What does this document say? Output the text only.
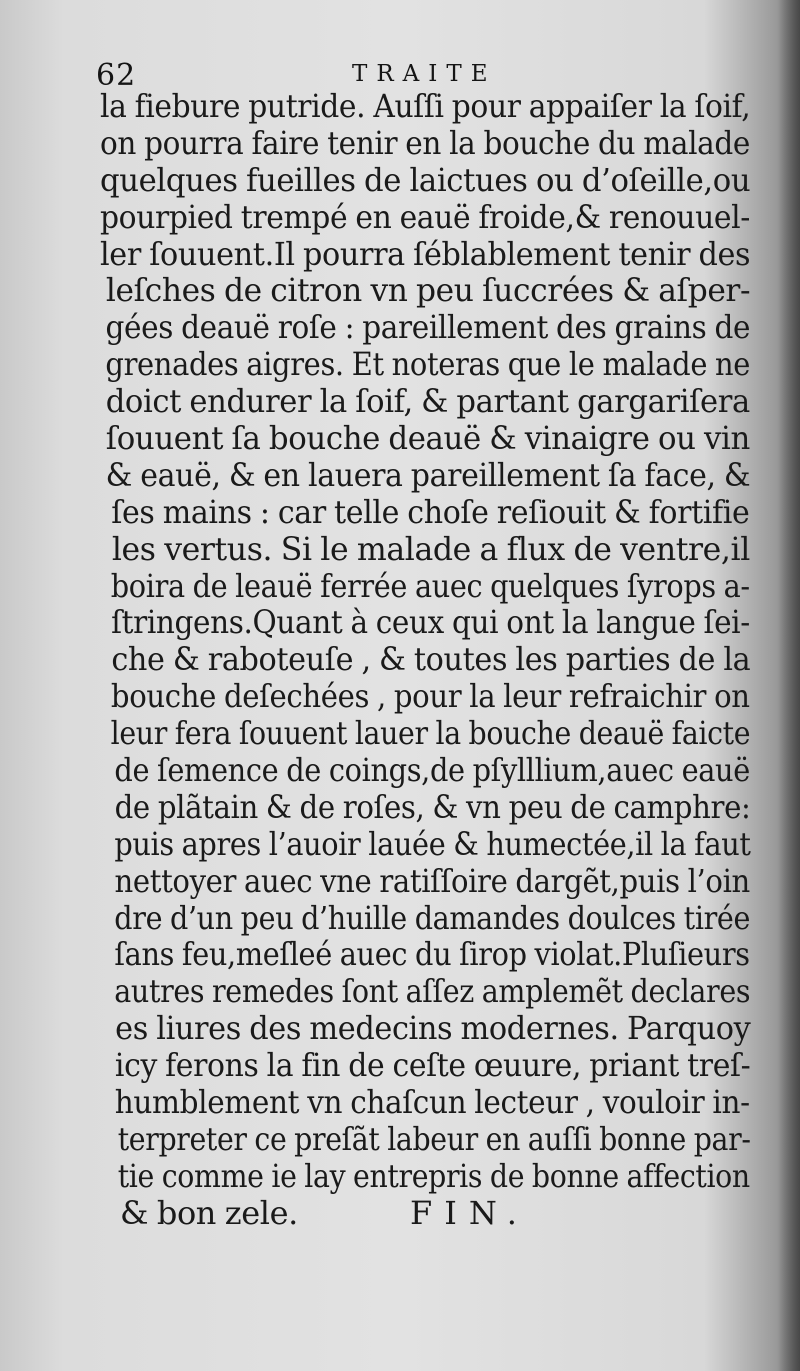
62	TRAITE
la fiebure putride. Auſſi pour appaiſer la ſoif,
on pourra faire tenir en la bouche du malade
quelques fueilles de laictues ou d’oſeille,ou
pourpied trempé en eauë froide,& renouuel-
ler ſouuent.Il pourra ſéblablement tenir des
leſches de citron vn peu ſuccrées & aſper-
gées deauë roſe : pareillement des grains de
grenades aigres. Et noteras que le malade ne
doict endurer la ſoif, & partant gargariſera
ſouuent ſa bouche deauë & vinaigre ou vin
& eauë, & en lauera pareillement ſa face, &
ſes mains : car telle choſe reſiouit & fortifie
les vertus. Si le malade a flux de ventre,il
boira de leauë ferrée auec quelques ſyrops a-
ſtringens.Quant à ceux qui ont la langue ſei-
che & raboteuſe , & toutes les parties de la
bouche deſechées , pour la leur refraichir on
leur fera ſouuent lauer la bouche deauë faicte
de ſemence de coings,de pſylllium,auec eauë
de plãtain & de roſes, & vn peu de camphre:
puis apres l’auoir lauée & humectée,il la faut
nettoyer auec vne ratiſſoire dargẽt,puis l’oin
dre d’un peu d’huille damandes doulces tirée
ſans feu,meſleé auec du ſirop violat.Pluſieurs
autres remedes ſont aſſez amplemẽt declares
es liures des medecins modernes. Parquoy
icy ferons la fin de ceſte œuure, priant treſ-
humblement vn chaſcun lecteur , vouloir in-
terpreter ce preſãt labeur en auſſi bonne par-
tie comme ie lay entrepris de bonne affection
& bon zele.	FIN.
